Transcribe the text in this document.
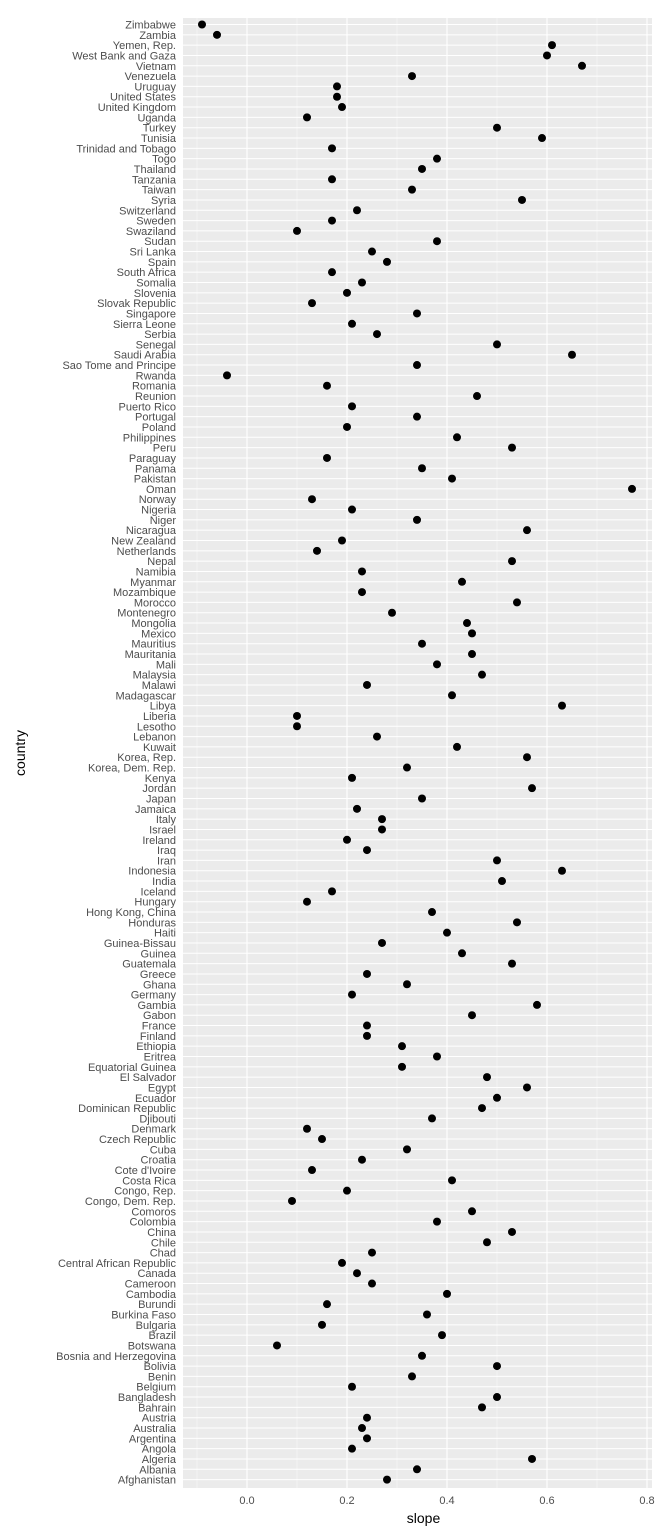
Zimbabwe
Zambia
Yemen, Rep.
West Bank and Gaza
Vietnam
Venezuela
Uruguay
United States
United Kingdom
Uganda
Turkey
Tunisia
Trinidad and Tobago
Togo
Thailand
Tanzania
Taiwan
Syria
Switzerland
Sweden
Swaziland
Sudan
Sri Lanka
Spain
South Africa
Somalia
Slovenia
Slovak Republic
Singapore
Sierra Leone
Serbia
Senegal
Saudi Arabia
Sao Tome and Principe
Rwanda
Romania
Reunion
Puerto Rico
Portugal
Poland
Philippines
Peru
Paraguay
Panama
Pakistan
Oman
Norway
Nigeria
Niger
Nicaragua
New Zealand
Netherlands
Nepal
Namibia
Myanmar
Mozambique
Morocco
Montenegro
Mongolia
Mexico
Mauritius
Mauritania
Mali
Malaysia
Malawi
Madagascar
Libya
Liberia
Lesotho
Lebanon
Kuwait
Korea, Rep.
Korea, Dem. Rep.
Kenya
Jordan
Japan
Jamaica
Italy
Israel
Ireland
Iraq
Iran
Indonesia
India
Iceland
Hungary
Hong Kong, China
Honduras
Haiti
Guinea-Bissau
Guinea
Guatemala
Greece
Ghana
Germany
Gambia
Gabon
France
Finland
Ethiopia
Eritrea
Equatorial Guinea
El Salvador
Egypt
Ecuador
Dominican Republic
Djibouti
Denmark
Czech Republic
Cuba
Croatia
Cote d'Ivoire
Costa Rica
Congo, Rep.
Congo, Dem. Rep.
Comoros
Colombia
China
Chile
Chad
Central African Republic
Canada
Cameroon
Cambodia
Burundi
Burkina Faso
Bulgaria
Brazil
Botswana
Bosnia and Herzegovina
Bolivia
Benin
Belgium
Bangladesh
Bahrain
Austria
Australia
Argentina
Angola
Algeria
Albania
Afghanistan
0.0	0.2	0.4	0.6	0.8
slope
country
